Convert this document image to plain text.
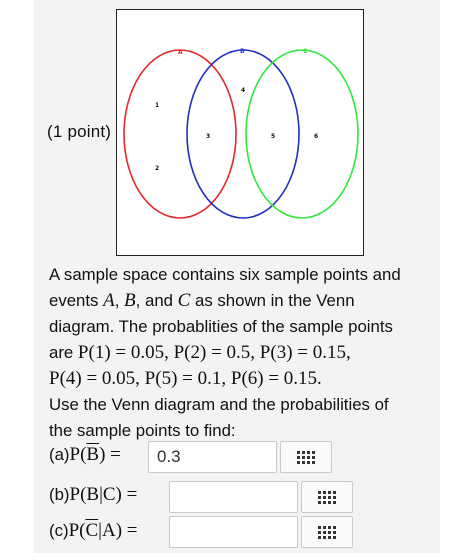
(1 point)
A	B	C
1
2
3
4
5	6

A sample space contains six sample points and

events A, B, and C as shown in the Venn

diagram. The probablities of the sample points

are P(1) = 0.05, P(2) = 0.5, P(3) = 0.15,

P(4) = 0.05, P(5) = 0.1, P(6) = 0.15.

Use the Venn diagram and the probabilities of

the sample points to find:

(a) $P(\overline{B})$ =
0.3
(b) P(B|C) =
(c) $P(\overline{C}|A)$ =
